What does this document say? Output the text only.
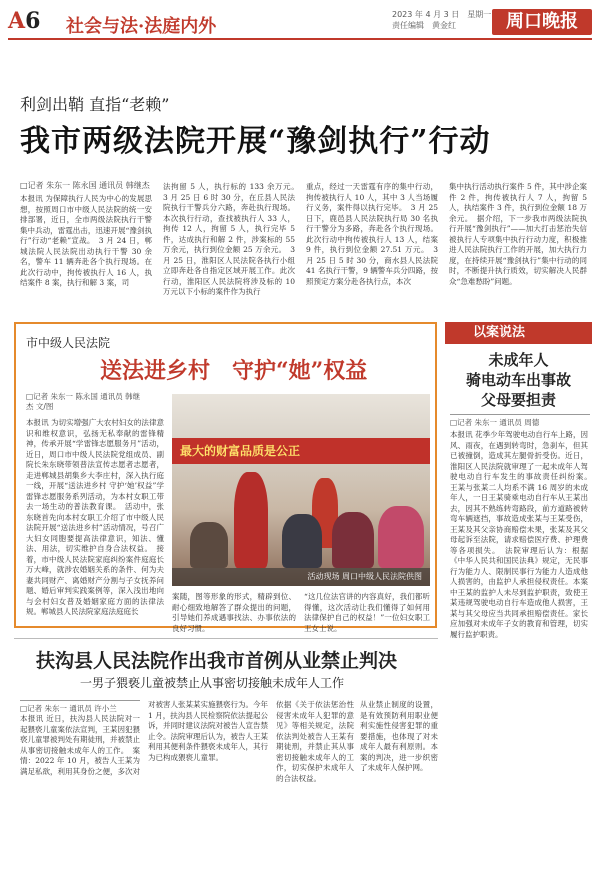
A6 社会与法·法庭内外
2023 年 4 月 3 日　星期一
责任编辑　黄金红	周口晚报
利剑出鞘 直指“老赖”
我市两级法院开展“豫剑执行”行动
□记者 朱东一 陈永国 通讯员 韩继杰
本报讯 为保障执行人民为中心的发展思想，按照周口市中级人民法院的统一安排部署，近日，全市两级法院执行干警集中兵动，雷霆出击，迅速开展“豫剑执行”行动“老赖”宣战。　3 月 24 日，郸城法院人民法院出动执行干警 30 余名，警车 11 辆奔赴各个执行现场。在此次行动中，拘传被执行人 16 人，执结案件 8 案，执行和解 3 案，司
法拘留 5 人，执行标的 133 余万元。　3 月 25 日 6 时 30 分，在丘县人民法院执行干警兵分六路，奔赴执行现场。本次执行行动，查找被执行人 33 人，拘传 12 人，拘留 5 人，执行完毕 5 件，达成执行和解 2 件，涉案标的 55 万余元，执行到位金额 25 万余元。　3 月 25 日，淮阳区人民法院各执行小组立即奔赴各自指定区域开展工作。此次行动，淮阳区人民法院将涉及标的 10 万元以下小标的案件作为执行
重点，经过一天雷霆有序的集中行动，拘传被执行人 10 人，其中 3 人当场履行义务，案件得以执行完毕。　3 月 25 日下，鹿邑县人民法院执行局 30 名执行干警分为多路，奔赴各个执行现场。此次行动中拘传被执行人 13 人，结案 9 件，执行到位金额 27.51 万元。　3 月 25 日 5 时 30 分，商水县人民法院 41 名执行干警，9 辆警车兵分四路，按照预定方案分赴各执行点，本次
集中执行活动执行案件 5 件，其中涉企案件 2 件，拘传被执行人 7 人，拘留 5 人，执结案件 3 件，执行到位金额 18 万余元。　据介绍，下一步我市两级法院执行开展“豫剑执行”——加大打击惩治失信被执行人专项集中执行行动力度，积极推进人民法院执行工作的开展，加大执行力度，在持续开展“豫剑执行”集中行动的同时，不断提升执行质效，切实解决人民群众“急难愁盼”问题。
市中级人民法院
送法进乡村　守护“她”权益
□记者 朱东一 陈永国 通讯员 韩继杰 文/图
本报讯 为切实增强广大农村妇女的法律意识和维权意识，弘扬无私奉献的雷锋精神，传承开展“学雷锋志愿服务月”活动，近日，周口市中级人民法院党组成员、副院长朱东晓带领普法宣传志愿者志愿者，走进郸城县胡集乡大李庄村，深入执行庭一线，开展“送法进乡村 守护‘她’权益”学雷锋志愿服务系列活动，为本村女职工带去一场生动的普法教育课。　活动中，张东晓首先向本村女职工介绍了市中级人民法院开展“送法进乡村”活动情况，号召广大妇女同胞要提高法律意识，知法、懂法、用法，切实维护自身合法权益。　接着，市中级人民法院家庭纠纷案件庭庭长万大峰，就涉农婚姻关系的条件、何为夫妻共同财产、离婚财产分割与子女抚养问题、婚后审判实践案例等，深入浅出地向与会村妇女普及婚姻家庭方面的法律法规。郸城县人民法院家庭法庭庭长
最大的财富品质是公正
活动现场 周口中级人民法院供图
案随，图等形象的形式，精辟到位、耐心细致地解答了群众提出的问题，引导她们养成遇事找法、办事依法的良好习惯。
“这几位法官讲的内容真好，我们都听得懂，这次活动让我们懂得了如何用法律保护自己的权益！”一位妇女职工王女士说。
以案说法
未成年人
骑电动车出事故
父母要担责
□记者 朱东一 通讯员 周德
本报讯 花季少年驾驶电动自行车上路，因风、雨夜，在遇到转弯时，急刹车，但其已被撞倒，造成其左腿骨折受伤。近日，淮阳区人民法院就审理了一起未成年人驾驶电动自行车发生的事故责任纠纷案。　王某与张某二人均系不满 16 周岁的未成年人，一日王某骑乘电动自行车从王某出去，因其不熟练转弯路段，前方道路被转弯车辆遮挡，事故造成张某与王某受伤，王某及其父亲协商赔偿未果，张某及其父母起诉至法院，请求赔偿医疗费、护理费等各项损失。　法院审理后认为：根据《中华人民共和国民法典》规定，无民事行为能力人、限制民事行为能力人造成他人损害的，由监护人承担侵权责任。本案中王某的监护人未尽到监护职责，致使王某违规驾驶电动自行车造成他人损害，王某与其父母应当共同承担赔偿责任。家长应加强对未成年子女的教育和管理，切实履行监护职责。
扶沟县人民法院作出我市首例从业禁止判决
一男子猥亵儿童被禁止从事密切接触未成年人工作
□记者 朱东一 通讯员 许小兰
本报讯 近日，扶沟县人民法院对一起猥亵儿童案依法宣判，王某因犯猥亵儿童罪被判处有期徒刑，并被禁止从事密切接触未成年人的工作。　案情：2022 年 10 月，被告人王某为满足私欲，利用其身份之便，多次对
对被害人张某某实施猥亵行为。今年 1 月，扶沟县人民检察院依法提起公诉，并同时建议法院对被告人宣告禁止令。法院审理后认为，被告人王某利用其便利条件猥亵未成年人，其行为已构成猥亵儿童罪。
依据《关于依法惩治性侵害未成年人犯罪的意见》等相关规定，法院依法判处被告人王某有期徒刑，并禁止其从事密切接触未成年人的工作，切实保护未成年人的合法权益。
从业禁止制度的设置，是有效预防利用职业便利实施性侵害犯罪的重要措施，也体现了对未成年人最有利原则。本案的判决，进一步织密了未成年人保护网。
